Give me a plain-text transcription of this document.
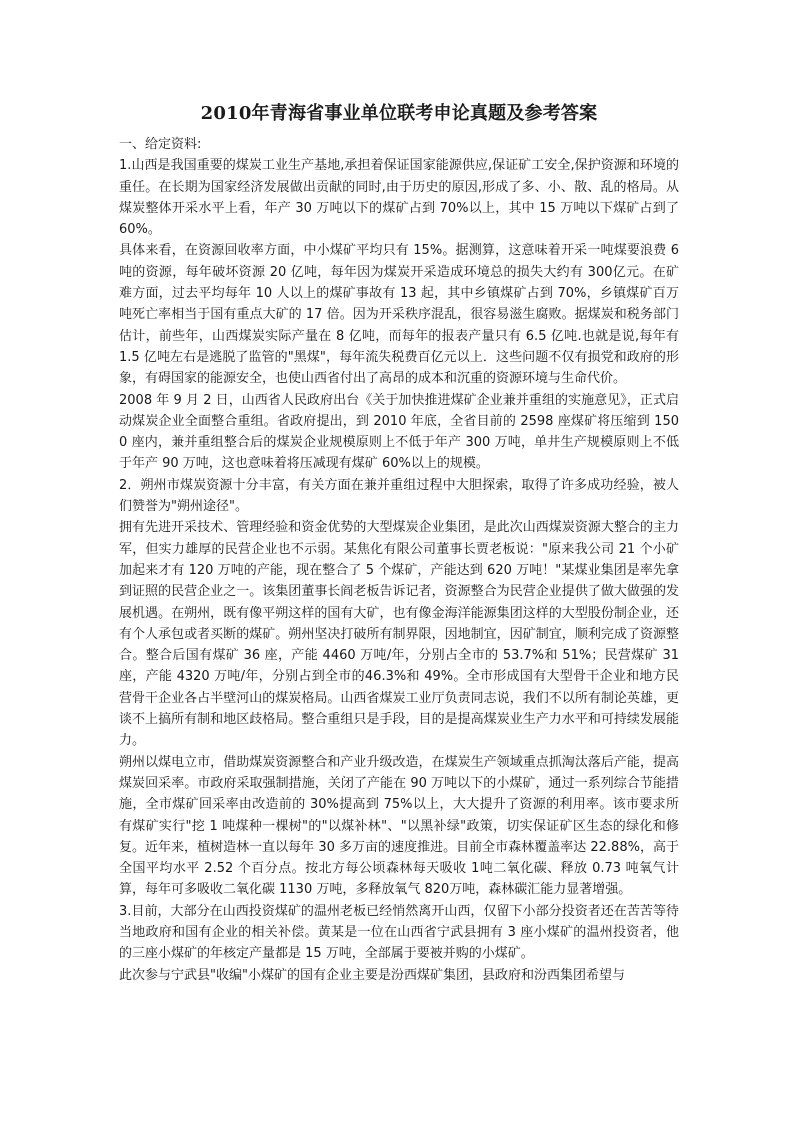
2010年青海省事业单位联考申论真题及参考答案

一、给定资料:

1.山西是我国重要的煤炭工业生产基地,承担着保证国家能源供应,保证矿工安全,保护资源和环境的重任。在长期为国家经济发展做出贡献的同时,由于历史的原因,形成了多、小、散、乱的格局。从煤炭整体开采水平上看，年产 30 万吨以下的煤矿占到 70%以上，其中 15 万吨以下煤矿占到了 60%。

具体来看，在资源回收率方面，中小煤矿平均只有 15%。据测算，这意味着开采一吨煤要浪费 6 吨的资源，每年破坏资源 20 亿吨，每年因为煤炭开采造成环境总的损失大约有 300亿元。在矿难方面，过去平均每年 10 人以上的煤矿事故有 13 起，其中乡镇煤矿占到 70%，乡镇煤矿百万吨死亡率相当于国有重点大矿的 17 倍。因为开采秩序混乱，很容易滋生腐败。据煤炭和税务部门估计，前些年，山西煤炭实际产量在 8 亿吨，而每年的报表产量只有 6.5 亿吨.也就是说,每年有 1.5 亿吨左右是逃脱了监管的"黑煤"，每年流失税费百亿元以上．这些问题不仅有损党和政府的形象，有碍国家的能源安全，也使山西省付出了高昂的成本和沉重的资源环境与生命代价。

2008 年 9 月 2 日，山西省人民政府出台《关于加快推进煤矿企业兼并重组的实施意见》，正式启动煤炭企业全面整合重组。省政府提出，到 2010 年底，全省目前的 2598 座煤矿将压缩到 1500 座内，兼并重组整合后的煤炭企业规模原则上不低于年产 300 万吨，单井生产规模原则上不低于年产 90 万吨，这也意味着将压减现有煤矿 60%以上的规模。

2．朔州市煤炭资源十分丰富，有关方面在兼并重组过程中大胆探索，取得了许多成功经验，被人们赞誉为"朔州途径"。

拥有先进开采技术、管理经验和资金优势的大型煤炭企业集团，是此次山西煤炭资源大整合的主力军，但实力雄厚的民营企业也不示弱。某焦化有限公司董事长贾老板说："原来我公司 21 个小矿加起来才有 120 万吨的产能，现在整合了 5 个煤矿，产能达到 620 万吨！"某煤业集团是率先拿到证照的民营企业之一。该集团董事长阎老板告诉记者，资源整合为民营企业提供了做大做强的发展机遇。在朔州，既有像平朔这样的国有大矿，也有像金海洋能源集团这样的大型股份制企业，还有个人承包或者买断的煤矿。朔州坚决打破所有制界限，因地制宜，因矿制宜，顺利完成了资源整合。整合后国有煤矿 36 座，产能 4460 万吨/年，分别占全市的 53.7%和 51%；民营煤矿 31 座，产能 4320 万吨/年，分别占到全市的46.3%和 49%。全市形成国有大型骨干企业和地方民营骨干企业各占半壁河山的煤炭格局。山西省煤炭工业厅负责同志说，我们不以所有制论英雄，更谈不上搞所有制和地区歧格局。整合重组只是手段，目的是提高煤炭业生产力水平和可持续发展能力。

朔州以煤电立市，借助煤炭资源整合和产业升级改造，在煤炭生产领域重点抓淘汰落后产能，提高煤炭回采率。市政府采取强制措施，关闭了产能在 90 万吨以下的小煤矿，通过一系列综合节能措施，全市煤矿回采率由改造前的 30%提高到 75%以上，大大提升了资源的利用率。该市要求所有煤矿实行"挖 1 吨煤种一棵树"的"以煤补林"、"以黑补绿"政策，切实保证矿区生态的绿化和修复。近年来，植树造林一直以每年 30 多万亩的速度推进。目前全市森林覆盖率达 22.88%，高于全国平均水平 2.52 个百分点。按北方每公顷森林每天吸收 1吨二氧化碳、释放 0.73 吨氧气计算，每年可多吸收二氧化碳 1130 万吨，多释放氧气 820万吨，森林碳汇能力显著增强。

3.目前，大部分在山西投资煤矿的温州老板已经悄然离开山西，仅留下小部分投资者还在苦苦等待当地政府和国有企业的相关补偿。黄某是一位在山西省宁武县拥有 3 座小煤矿的温州投资者，他的三座小煤矿的年核定产量都是 15 万吨，全部属于要被并购的小煤矿。

此次参与宁武县"收编"小煤矿的国有企业主要是汾西煤矿集团，县政府和汾西集团希望与
